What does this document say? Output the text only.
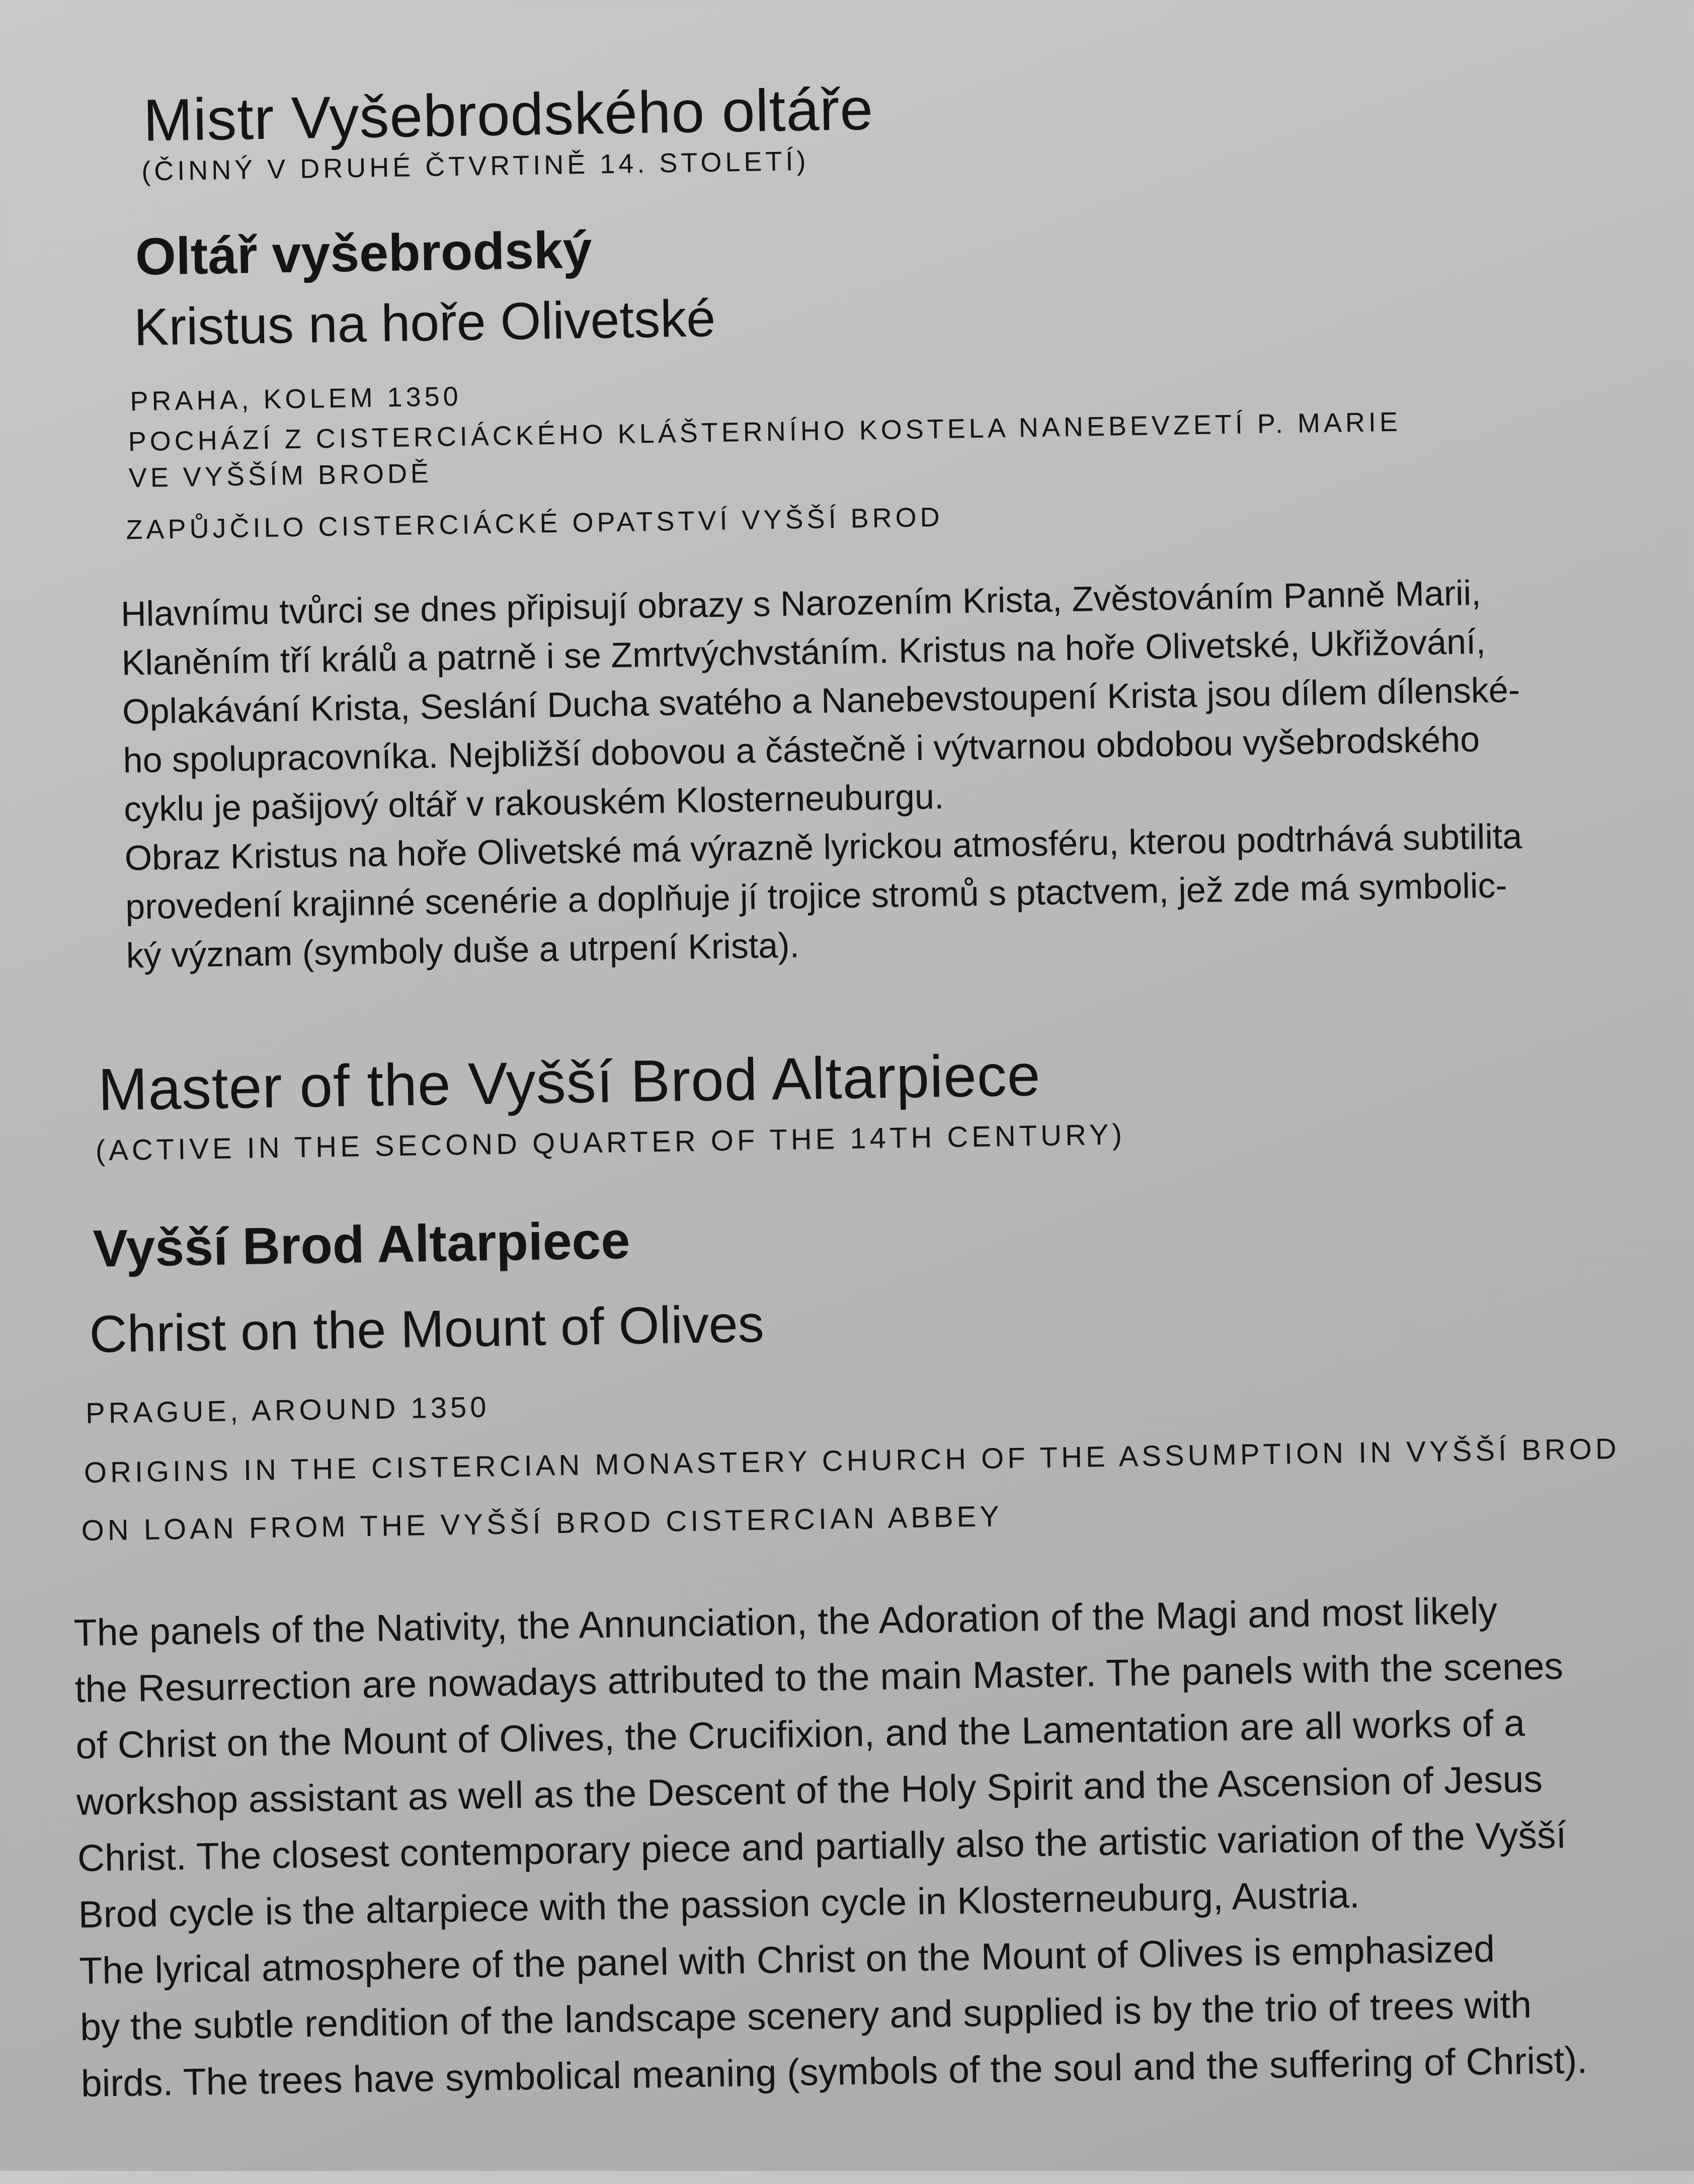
Mistr Vyšebrodského oltáře
(ČINNÝ V DRUHÉ ČTVRTINĚ 14. STOLETÍ)
Oltář vyšebrodský
Kristus na hoře Olivetské
PRAHA, KOLEM 1350
POCHÁZÍ Z CISTERCIÁCKÉHO KLÁŠTERNÍHO KOSTELA NANEBEVZETÍ P. MARIE
VE VYŠŠÍM BRODĚ
ZAPŮJČILO CISTERCIÁCKÉ OPATSTVÍ VYŠŠÍ BROD
Hlavnímu tvůrci se dnes připisují obrazy s Narozením Krista, Zvěstováním Panně Marii,
Klaněním tří králů a patrně i se Zmrtvýchvstáním. Kristus na hoře Olivetské, Ukřižování,
Oplakávání Krista, Seslání Ducha svatého a Nanebevstoupení Krista jsou dílem dílenské-
ho spolupracovníka. Nejbližší dobovou a částečně i výtvarnou obdobou vyšebrodského
cyklu je pašijový oltář v rakouském Klosterneuburgu.
Obraz Kristus na hoře Olivetské má výrazně lyrickou atmosféru, kterou podtrhává subtilita
provedení krajinné scenérie a doplňuje jí trojice stromů s ptactvem, jež zde má symbolic-
ký význam (symboly duše a utrpení Krista).
Master of the Vyšší Brod Altarpiece
(ACTIVE IN THE SECOND QUARTER OF THE 14TH CENTURY)
Vyšší Brod Altarpiece
Christ on the Mount of Olives
PRAGUE, AROUND 1350
ORIGINS IN THE CISTERCIAN MONASTERY CHURCH OF THE ASSUMPTION IN VYŠŠÍ BROD
ON LOAN FROM THE VYŠŠÍ BROD CISTERCIAN ABBEY
The panels of the Nativity, the Annunciation, the Adoration of the Magi and most likely
the Resurrection are nowadays attributed to the main Master. The panels with the scenes
of Christ on the Mount of Olives, the Crucifixion, and the Lamentation are all works of a
workshop assistant as well as the Descent of the Holy Spirit and the Ascension of Jesus
Christ. The closest contemporary piece and partially also the artistic variation of the Vyšší
Brod cycle is the altarpiece with the passion cycle in Klosterneuburg, Austria.
The lyrical atmosphere of the panel with Christ on the Mount of Olives is emphasized
by the subtle rendition of the landscape scenery and supplied is by the trio of trees with
birds. The trees have symbolical meaning (symbols of the soul and the suffering of Christ).
